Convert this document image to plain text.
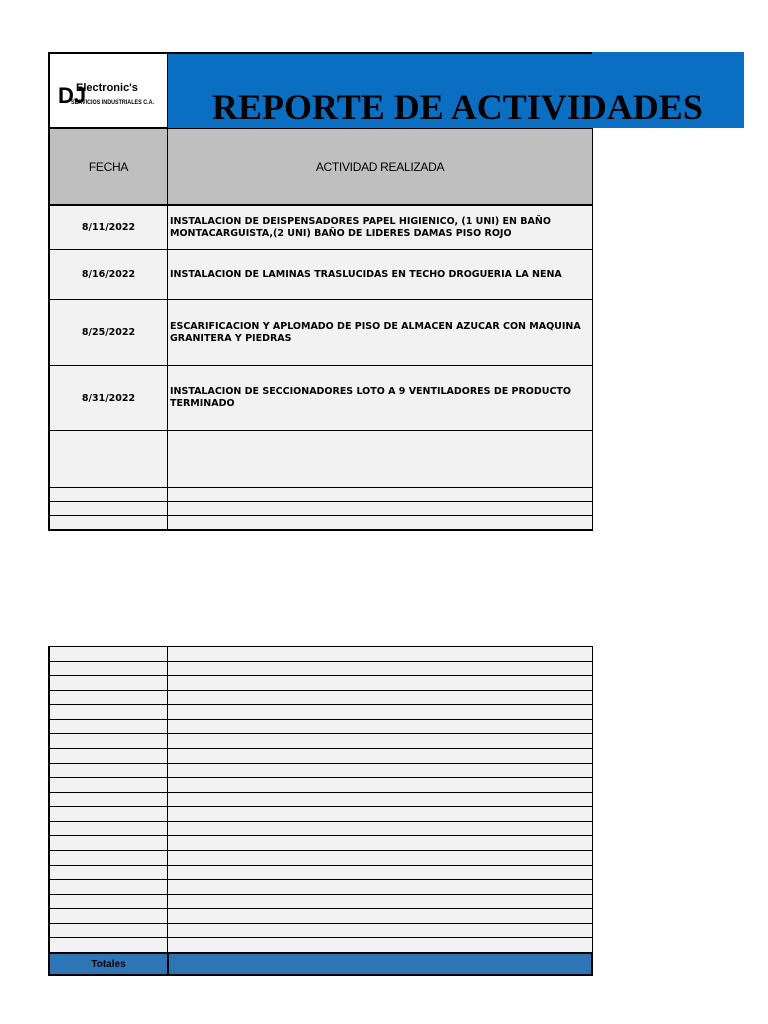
DJ
Electronic's
SERVICIOS INDUSTRIALES C.A. REPORTE DE ACTIVIDADES
FECHA	ACTIVIDAD REALIZADA
8/11/2022
INSTALACION DE DEISPENSADORES PAPEL HIGIENICO, (1 UNI) EN BAÑO MONTACARGUISTA,(2 UNI) BAÑO DE LIDERES DAMAS PISO ROJO
8/16/2022	INSTALACION DE LAMINAS TRASLUCIDAS EN TECHO DROGUERIA LA NENA
8/25/2022
ESCARIFICACION Y APLOMADO DE PISO DE ALMACEN AZUCAR CON MAQUINA GRANITERA Y PIEDRAS
8/31/2022
INSTALACION DE SECCIONADORES LOTO A 9 VENTILADORES DE PRODUCTO TERMINADO
Totales
